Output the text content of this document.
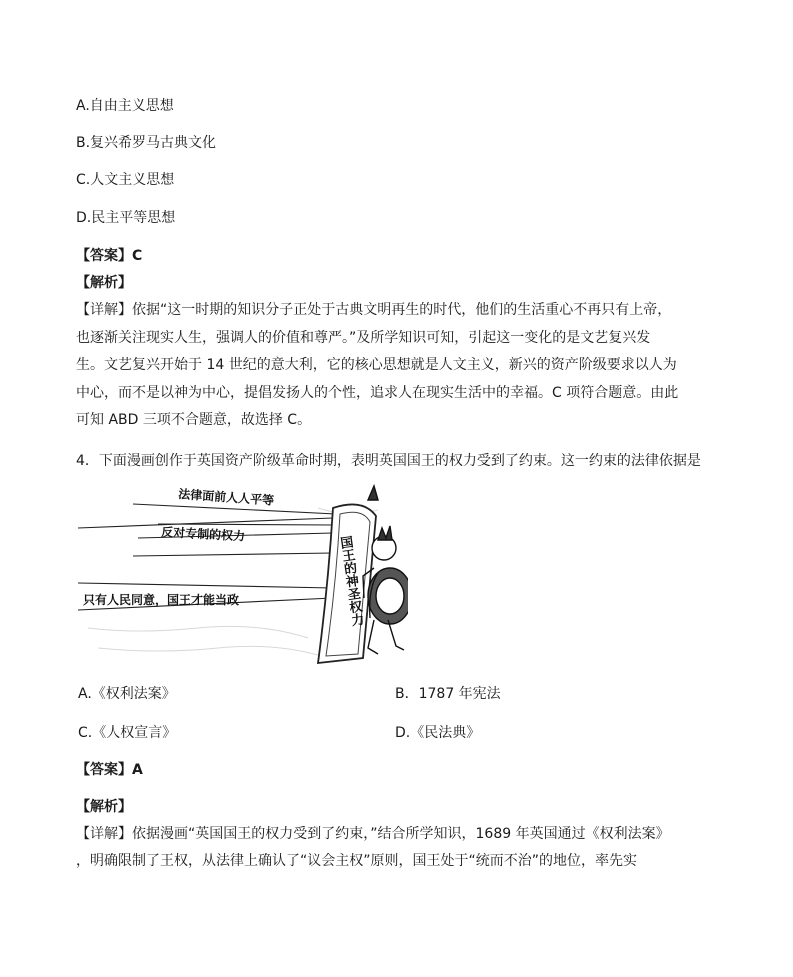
A.自由主义思想
B.复兴希罗马古典文化
C.人文主义思想
D.民主平等思想
【答案】C
【解析】
【详解】依据“这一时期的知识分子正处于古典文明再生的时代，他们的生活重心不再只有上帝，
也逐渐关注现实人生，强调人的价值和尊严。”及所学知识可知，引起这一变化的是文艺复兴发
生。文艺复兴开始于 14 世纪的意大利，它的核心思想就是人文主义，新兴的资产阶级要求以人为
中心，而不是以神为中心，提倡发扬人的个性，追求人在现实生活中的幸福。C 项符合题意。由此
可知 ABD 三项不合题意，故选择 C。
4．下面漫画创作于英国资产阶级革命时期，表明英国国王的权力受到了约束。这一约束的法律依据是
法律面前人人平等
反对专制的权力
只有人民同意，国王才能当政	国王的神圣权力
A.《权利法案》	B．1787 年宪法
C.《人权宣言》	D.《民法典》
【答案】A
【解析】
【详解】依据漫画“英国国王的权力受到了约束，”结合所学知识，1689 年英国通过《权利法案》
，明确限制了王权，从法律上确认了“议会主权”原则，国王处于“统而不治”的地位，率先实
